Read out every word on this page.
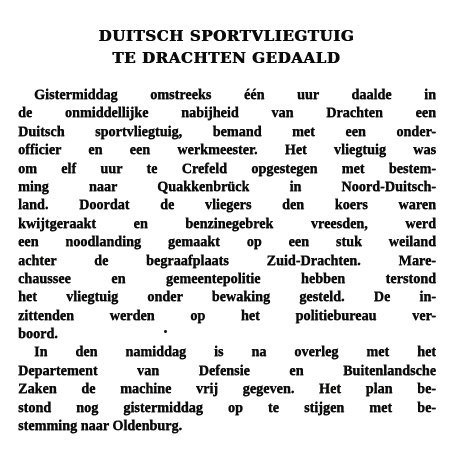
DUITSCH SPORTVLIEGTUIG
TE DRACHTEN GEDAALD
Gistermiddag omstreeks één uur daalde in
de onmiddellijke nabijheid van Drachten een
Duitsch sportvliegtuig, bemand met een onder-
officier en een werkmeester. Het vliegtuig was
om elf uur te Crefeld opgestegen met bestem-
ming naar Quakkenbrück in Noord-Duitsch-
land. Doordat de vliegers den koers waren
kwijtgeraakt en benzinegebrek vreesden, werd
een noodlanding gemaakt op een stuk weiland
achter de begraafplaats Zuid-Drachten. Mare-
chaussee en gemeentepolitie hebben terstond
het vliegtuig onder bewaking gesteld. De in-
zittenden werden op het politiebureau ver-
boord.
In den namiddag is na overleg met het
Departement van Defensie en Buitenlandsche
Zaken de machine vrij gegeven. Het plan be-
stond nog gistermiddag op te stijgen met be-
stemming naar Oldenburg.
